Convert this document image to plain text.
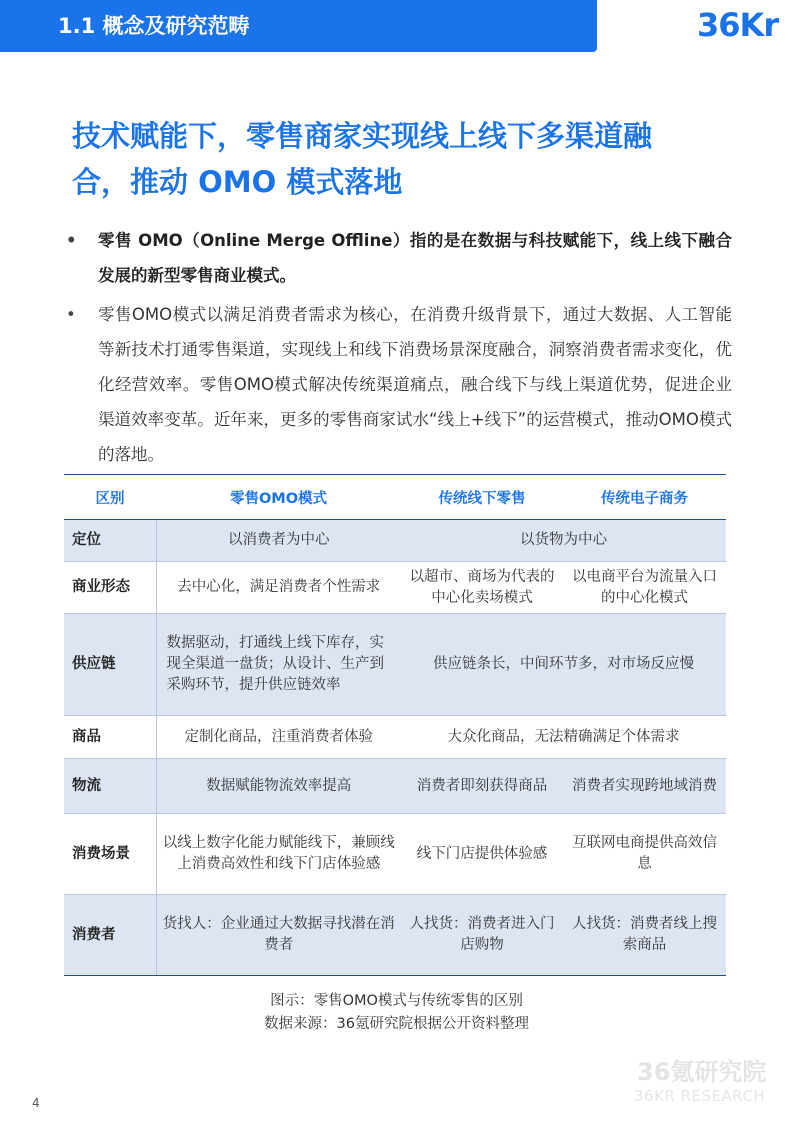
1.1 概念及研究范畴	36Kr
技术赋能下，零售商家实现线上线下多渠道融
合，推动 OMO 模式落地
• 零售 OMO（Online Merge Offline）指的是在数据与科技赋能下，线上线下融合发展的新型零售商业模式。
• 零售OMO模式以满足消费者需求为核心，在消费升级背景下，通过大数据、人工智能等新技术打通零售渠道，实现线上和线下消费场景深度融合，洞察消费者需求变化，优化经营效率。零售OMO模式解决传统渠道痛点，融合线下与线上渠道优势，促进企业渠道效率变革。近年来，更多的零售商家试水“线上+线下”的运营模式，推动OMO模式的落地。
区别	零售OMO模式	传统线下零售	传统电子商务
定位	以消费者为中心	以货物为中心	
商业形态	去中心化，满足消费者个性需求	以超市、商场为代表的中心化卖场模式	以电商平台为流量入口的中心化模式
供应链	数据驱动，打通线上线下库存，实现全渠道一盘货；从设计、生产到采购环节，提升供应链效率	供应链条长，中间环节多，对市场反应慢	
商品	定制化商品，注重消费者体验	大众化商品，无法精确满足个体需求	
物流	数据赋能物流效率提高	消费者即刻获得商品	消费者实现跨地域消费
消费场景	以线上数字化能力赋能线下，兼顾线上消费高效性和线下门店体验感	线下门店提供体验感	互联网电商提供高效信息
消费者	货找人：企业通过大数据寻找潜在消费者	人找货：消费者进入门店购物	人找货：消费者线上搜索商品
图示：零售OMO模式与传统零售的区别
数据来源：36氪研究院根据公开资料整理
36氪研究院
36KR RESEARCH
4
